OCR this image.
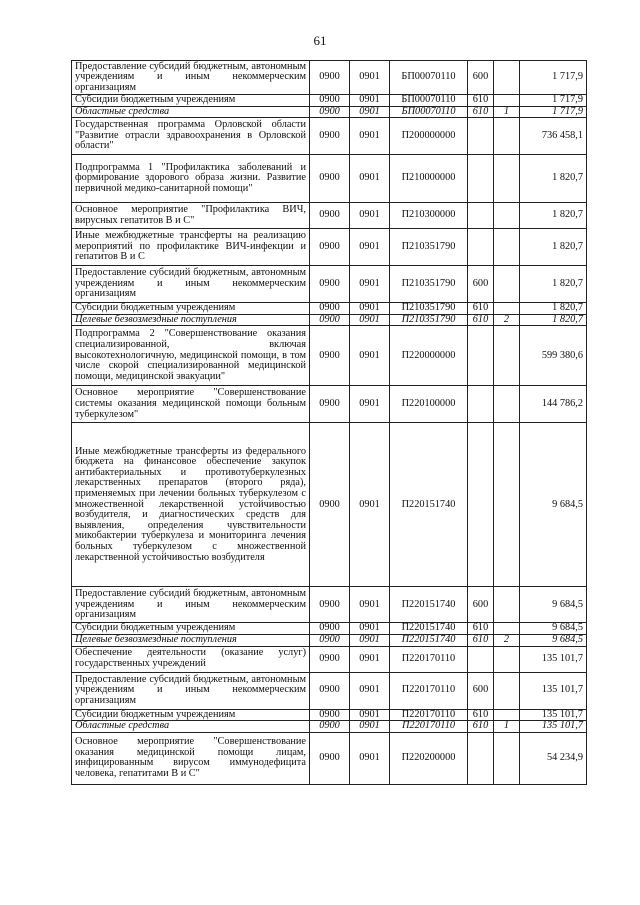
61
Предоставление субсидий бюджетным, автономным учреждениям и иным некоммерческим организациям	0900	0901	БП00070110	600		1 717,9
Субсидии бюджетным учреждениям	0900	0901	БП00070110	610		1 717,9
Областные средства	0900	0901	БП00070110	610	1	1 717,9
Государственная программа Орловской области "Развитие отрасли здравоохранения в Орловской области"	0900	0901	П200000000			736 458,1
Подпрограмма 1 "Профилактика заболеваний и формирование здорового образа жизни. Развитие первичной медико-санитарной помощи"	0900	0901	П210000000			1 820,7
Основное мероприятие "Профилактика ВИЧ, вирусных гепатитов В и С"	0900	0901	П210300000			1 820,7
Иные межбюджетные трансферты на реализацию мероприятий по профилактике ВИЧ-инфекции и гепатитов В и С	0900	0901	П210351790			1 820,7
Предоставление субсидий бюджетным, автономным учреждениям и иным некоммерческим организациям	0900	0901	П210351790	600		1 820,7
Субсидии бюджетным учреждениям	0900	0901	П210351790	610		1 820,7
Целевые безвозмездные поступления	0900	0901	П210351790	610	2	1 820,7
Подпрограмма 2 "Совершенствование оказания специализированной, включая высокотехнологичную, медицинской помощи, в том числе скорой специализированной медицинской помощи, медицинской эвакуации"	0900	0901	П220000000			599 380,6
Основное мероприятие "Совершенствование системы оказания медицинской помощи больным туберкулезом"	0900	0901	П220100000			144 786,2
Иные межбюджетные трансферты из федерального бюджета на финансовое обеспечение закупок антибактериальных и противотуберкулезных лекарственных препаратов (второго ряда), применяемых при лечении больных туберкулезом с множественной лекарственной устойчивостью возбудителя, и диагностических средств для выявления, определения чувствительности микобактерии туберкулеза и мониторинга лечения больных туберкулезом с множественной лекарственной устойчивостью возбудителя	0900	0901	П220151740			9 684,5
Предоставление субсидий бюджетным, автономным учреждениям и иным некоммерческим организациям	0900	0901	П220151740	600		9 684,5
Субсидии бюджетным учреждениям	0900	0901	П220151740	610		9 684,5
Целевые безвозмездные поступления	0900	0901	П220151740	610	2	9 684,5
Обеспечение деятельности (оказание услуг) государственных учреждений	0900	0901	П220170110			135 101,7
Предоставление субсидий бюджетным, автономным учреждениям и иным некоммерческим организациям	0900	0901	П220170110	600		135 101,7
Субсидии бюджетным учреждениям	0900	0901	П220170110	610		135 101,7
Областные средства	0900	0901	П220170110	610	1	135 101,7
Основное мероприятие "Совершенствование оказания медицинской помощи лицам, инфицированным вирусом иммунодефицита человека, гепатитами В и С"	0900	0901	П220200000			54 234,9
